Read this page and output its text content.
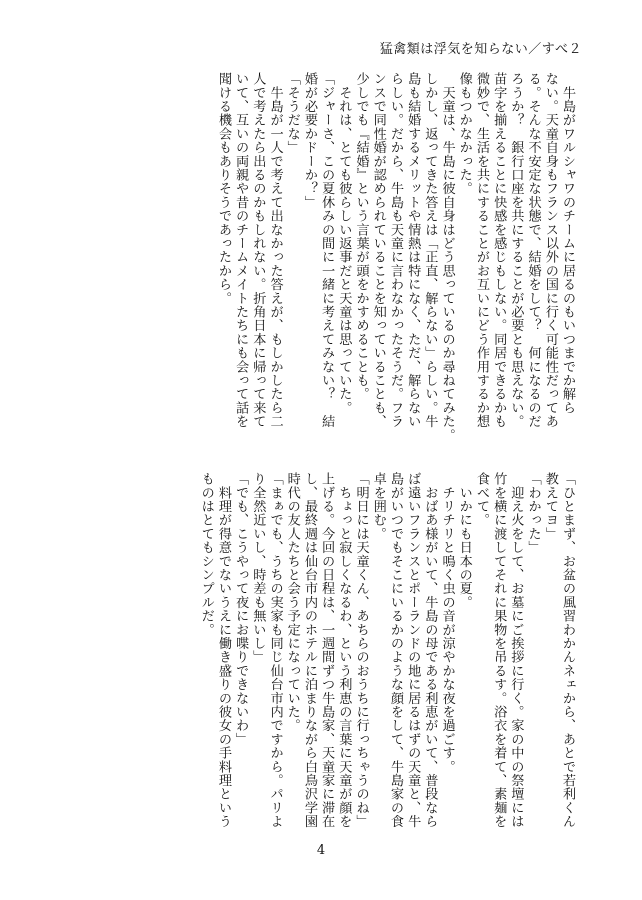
猛禽類は浮気を知らない／すべ２

　牛島がワルシャワのチームに居るのもいつまでか解ら

ない。天童自身もフランス以外の国に行く可能性だってあ

る。そんな不安定な状態で、結婚をして？　何になるのだ

ろうか？　銀行口座を共にすることが必要とも思えない。

苗字を揃えることに快感を感じもしない。同居できるかも

微妙で、生活を共にすることがお互いにどう作用するか想

像もつかなかった。

　天童は、牛島に彼自身はどう思っているのか尋ねてみた。

しかし、返ってきた答えは「正直、解らない」らしい。牛

島も結婚するメリットや情熱は特になく、ただ、解らない

らしい。だから、牛島も天童に言わなかったそうだ。フラ

ンスで同性婚が認められていることを知っていることも、

少しでも『結婚』という言葉が頭をかすめることも。

　それは、とても彼らしい返事だと天童は思っていた。

「ジャーさ、この夏休みの間に一緒に考えてみない？　結

婚が必要かドーか？」

「そうだな」

　牛島が一人で考えて出なかった答えが、もしかしたら二

人で考えたら出るのかもしれない。折角日本に帰って来て

いて、互いの両親や昔のチームメイトたちにも会って話を

聞ける機会もありそうであったから。

「ひとまず、お盆の風習わかんネェから、あとで若利くん

教えてヨ」

「わかった」

　迎え火をして、お墓にご挨拶に行く。家の中の祭壇には

竹を横に渡してそれに果物を吊るす。浴衣を着て、素麺を

食べて。

　いかにも日本の夏。

　チリチリと鳴く虫の音が涼やかな夜を過ごす。

　おばあ様がいて、牛島の母である利恵がいて、普段なら

ば遠いフランスとポーランドの地に居るはずの天童と、牛

島がいつでもそこにいるかのような顔をして、牛島家の食

卓を囲む。

「明日には天童くん、あちらのおうちに行っちゃうのね」

　ちょっと寂しくなるわ、という利恵の言葉に天童が顔を

上げる。今回の日程は、一週間ずつ牛島家、天童家に滞在

し、最終週は仙台市内のホテルに泊まりながら白鳥沢学園

時代の友人たちと会う予定になっていた。

「まぁでも、うちの実家も同じ仙台市内ですから。パリよ

り全然近いし、時差も無いし」

「でも、こうやって夜にお喋りできないわ」

　料理が得意でないうえに働き盛りの彼女の手料理という

ものはとてもシンプルだ。

4
